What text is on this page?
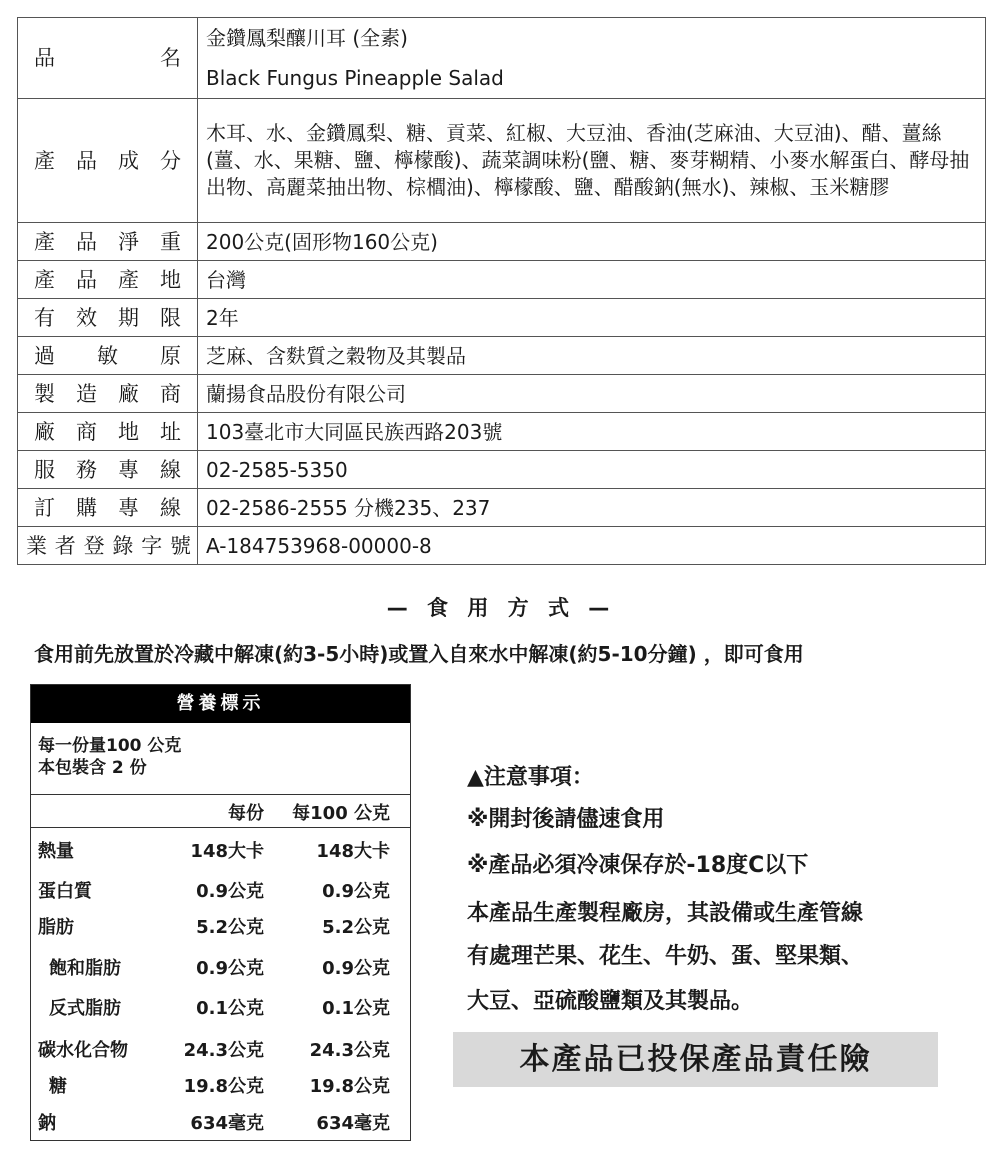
品 名	金鑽鳳梨釀川耳 (全素)
Black Fungus Pineapple Salad

產 品 成 分	木耳、水、金鑽鳳梨、糖、貢菜、紅椒、大豆油、香油(芝麻油、大豆油)、醋、薑絲(薑、水、果糖、鹽、檸檬酸)、蔬菜調味粉(鹽、糖、麥芽糊精、小麥水解蛋白、酵母抽出物、高麗菜抽出物、棕櫚油)、檸檬酸、鹽、醋酸鈉(無水)、辣椒、玉米糖膠
產 品 淨 重	200公克(固形物160公克)
產 品 產 地	台灣
有 效 期 限	2年
過 敏 原	芝麻、含麩質之穀物及其製品
製 造 廠 商	蘭揚食品股份有限公司
廠 商 地 址	103臺北市大同區民族西路203號
服 務 專 線	02-2585-5350
訂 購 專 線	02-2586-2555 分機235、237
業者登錄字號	A-184753968-00000-8
— 食 用 方 式 —
食用前先放置於冷藏中解凍(約3-5小時)或置入自來水中解凍(約5-10分鐘) ，即可食用
營養標示
每一份量100 公克
本包裝含 2 份
每份 每100 公克
熱量	148大卡	148大卡
蛋白質	0.9公克	0.9公克
脂肪	5.2公克	5.2公克
飽和脂肪	0.9公克	0.9公克
反式脂肪	0.1公克	0.1公克
碳水化合物	24.3公克	24.3公克
糖	19.8公克	19.8公克
鈉	634毫克	634毫克
▲注意事項：
※開封後請儘速食用
※產品必須冷凍保存於-18度C以下
本產品生產製程廠房，其設備或生產管線
有處理芒果、花生、牛奶、蛋、堅果類、
大豆、亞硫酸鹽類及其製品。
本產品已投保產品責任險
